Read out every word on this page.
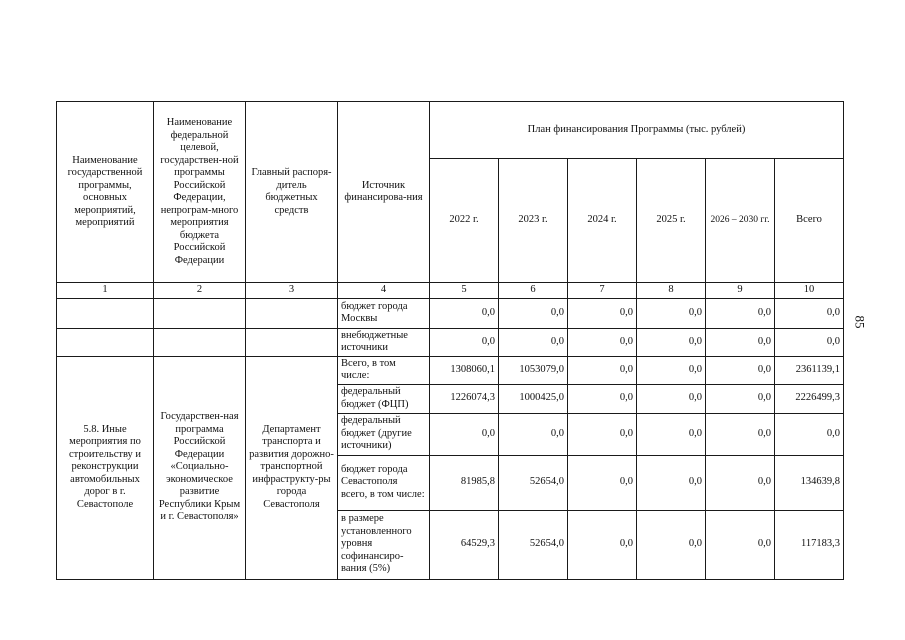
85
Наименование государственной программы, основных мероприятий, мероприятий	Наименование федеральной целевой, государствен-ной программы Российской Федерации, непрограм-много мероприятия бюджета Российской Федерации	Главный распоря-дитель бюджетных средств	Источник финансирова-ния	План финансирования Программы (тыс. рублей)					
				2022 г.	2023 г.	2024 г.	2025 г.	2026 – 2030 гг.	Всего
1	2	3	4	5	6	7	8	9	10
			бюджет города Москвы	0,0	0,0	0,0	0,0	0,0	0,0
			внебюджетные источники	0,0	0,0	0,0	0,0	0,0	0,0
5.8. Иные мероприятия по строительству и реконструкции автомобильных дорог в г. Севастополе	Государствен-ная программа Российской Федерации «Социально-экономическое развитие Республики Крым и г. Севастополя»	Департамент транспорта и развития дорожно-транспортной инфраструкту-ры города Севастополя	Всего, в том числе:	1308060,1	1053079,0	0,0	0,0	0,0	2361139,1
			федеральный бюджет (ФЦП)	1226074,3	1000425,0	0,0	0,0	0,0	2226499,3
			федеральный бюджет (другие источники)	0,0	0,0	0,0	0,0	0,0	0,0
			бюджет города Севастополя всего, в том числе:	81985,8	52654,0	0,0	0,0	0,0	134639,8
			в размере установленного уровня софинансиро-вания (5%)	64529,3	52654,0	0,0	0,0	0,0	117183,3
